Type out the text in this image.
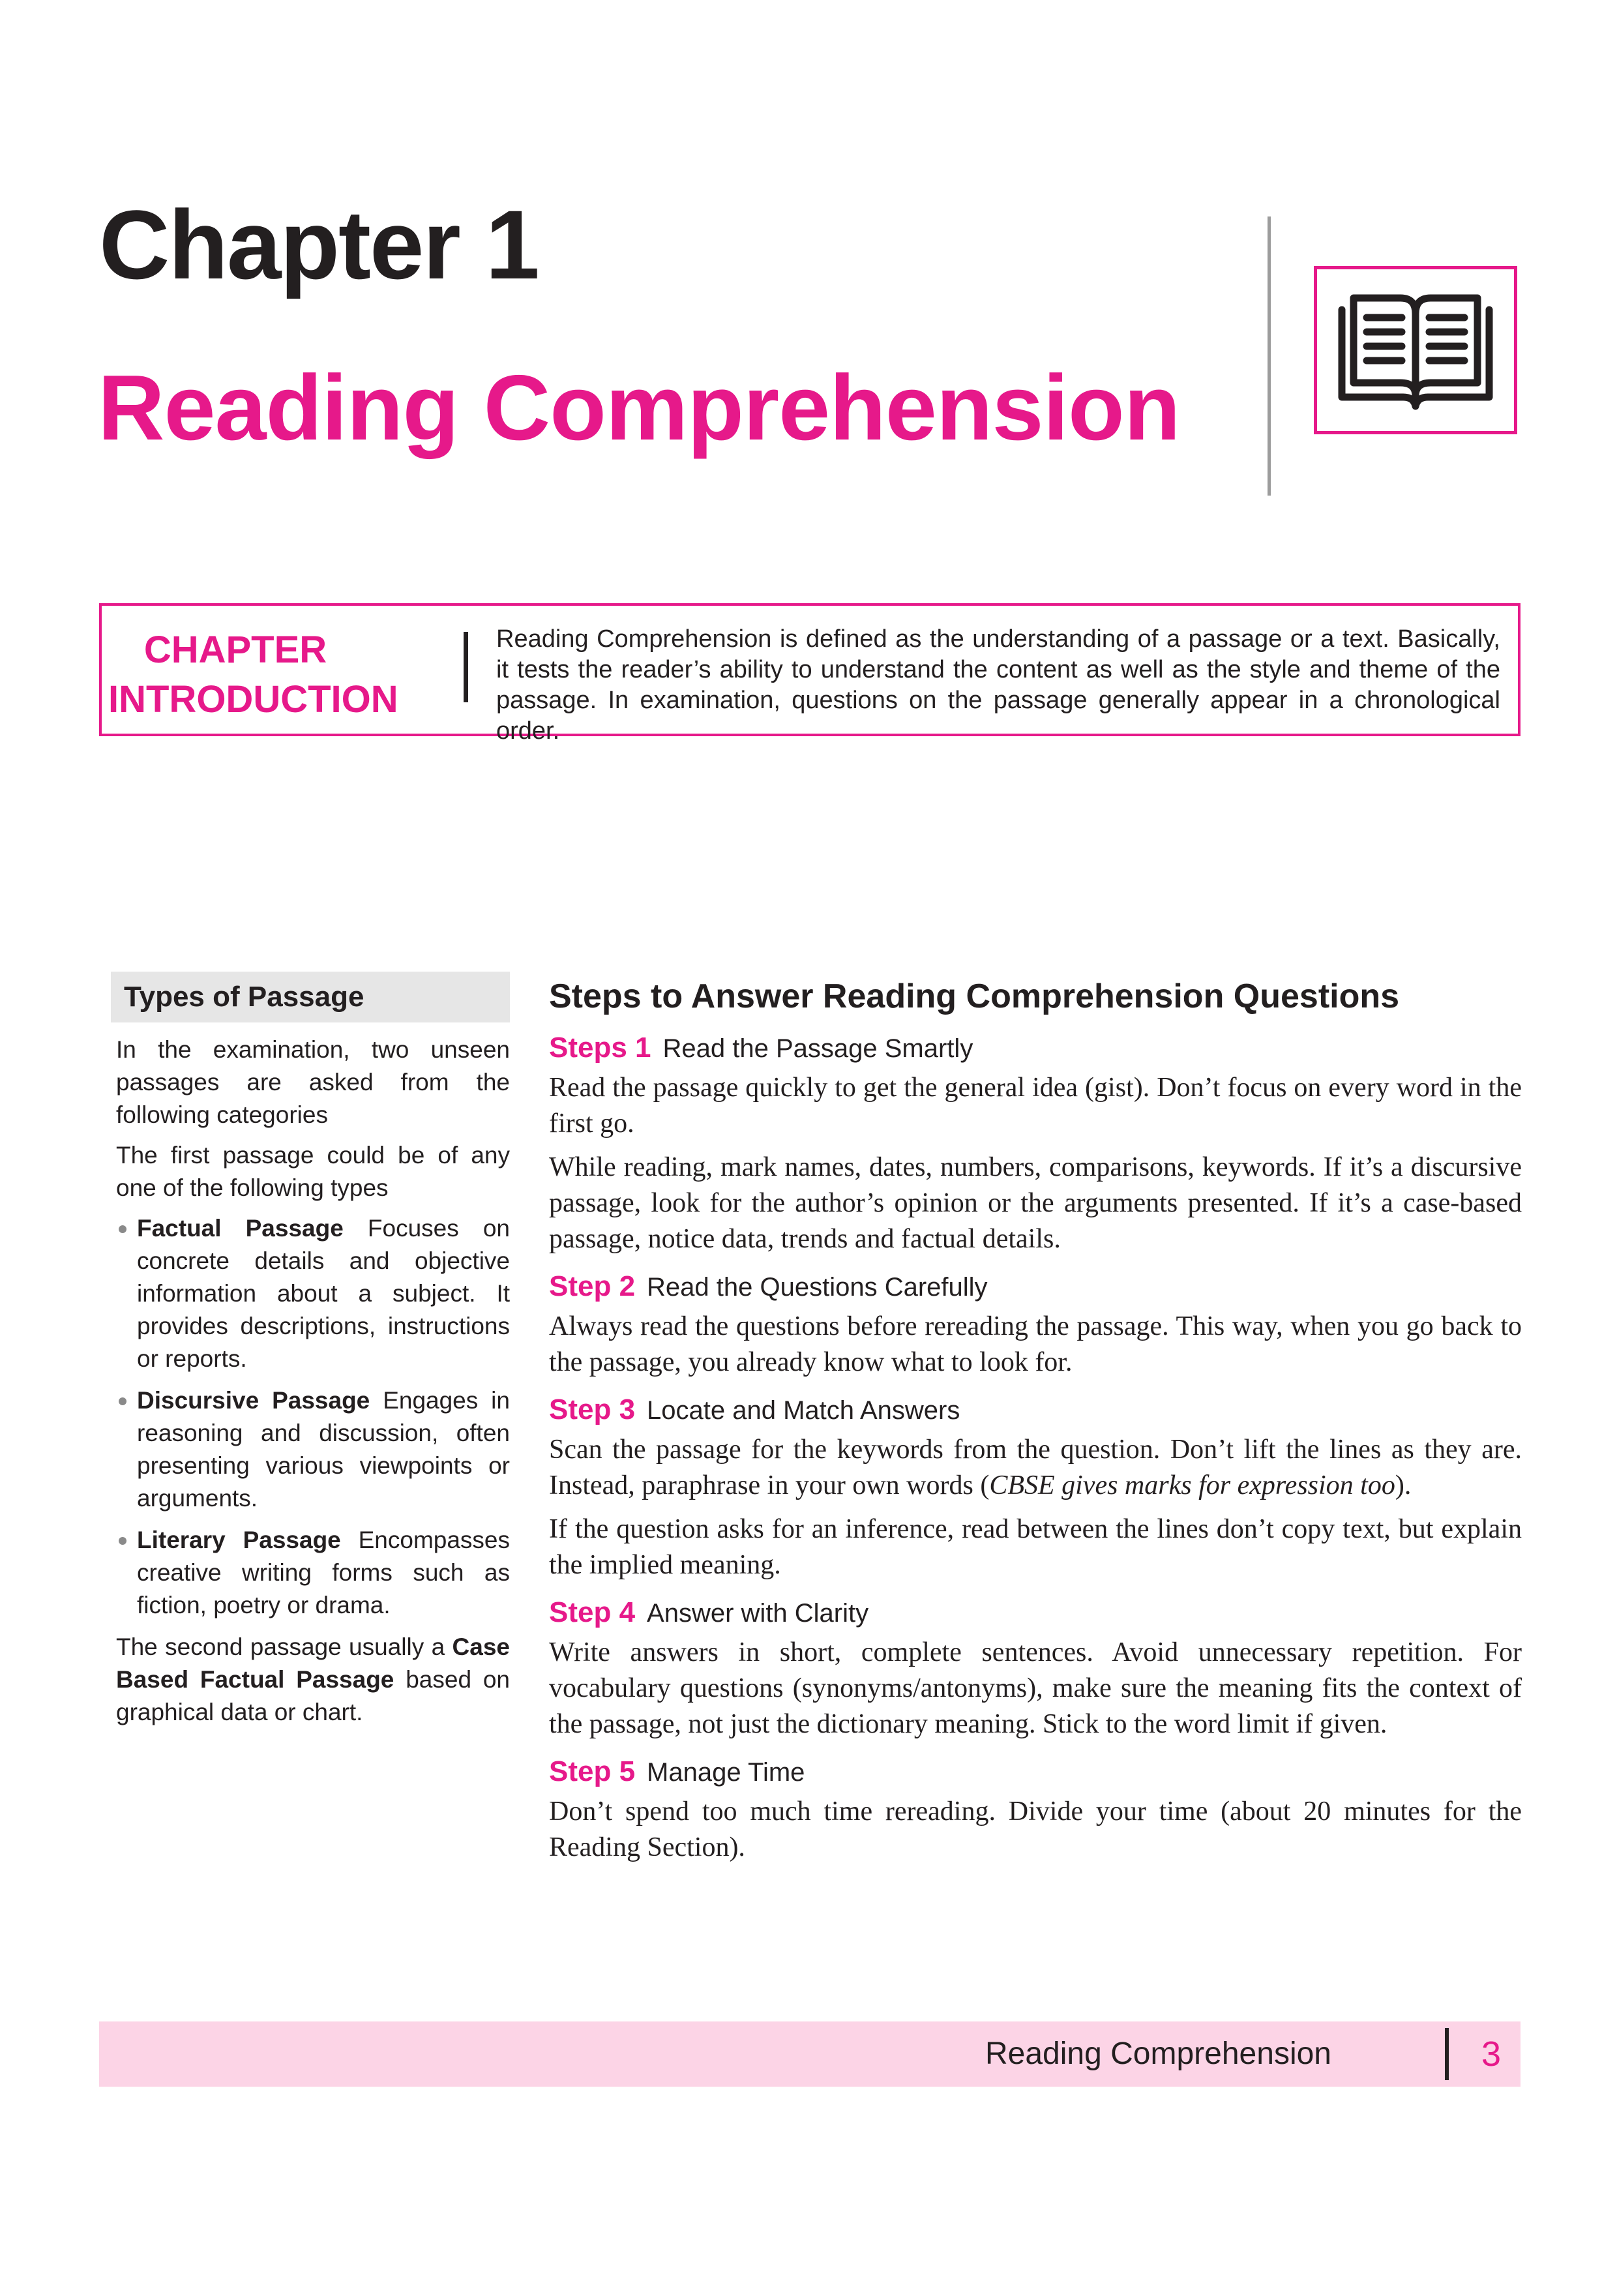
Chapter 1
Reading Comprehension
CHAPTER
INTRODUCTION
Reading Comprehension is defined as the understanding of a passage or a text. Basically, it tests the reader’s ability to understand the content as well as the style and theme of the passage. In examination, questions on the passage generally appear in a chronological order.
Types of Passage

In the examination, two unseen passages are asked from the following categories

The first passage could be of any one of the following types

Factual Passage Focuses on concrete details and objective information about a subject. It provides descriptions, instructions or reports.
Discursive Passage Engages in reasoning and discussion, often presenting various viewpoints or arguments.
Literary Passage Encompasses creative writing forms such as fiction, poetry or drama.

The second passage usually a Case Based Factual Passage based on graphical data or chart.

Steps to Answer Reading Comprehension Questions
Steps 1 Read the Passage Smartly

Read the passage quickly to get the general idea (gist). Don’t focus on every word in the first go.

While reading, mark names, dates, numbers, comparisons, keywords. If it’s a discursive passage, look for the author’s opinion or the arguments presented. If it’s a case-based passage, notice data, trends and factual details.

Step 2 Read the Questions Carefully

Always read the questions before rereading the passage. This way, when you go back to the passage, you already know what to look for.

Step 3 Locate and Match Answers

Scan the passage for the keywords from the question. Don’t lift the lines as they are. Instead, paraphrase in your own words (CBSE gives marks for expression too).

If the question asks for an inference, read between the lines don’t copy text, but explain the implied meaning.

Step 4 Answer with Clarity

Write answers in short, complete sentences. Avoid unnecessary repetition. For vocabulary questions (synonyms/antonyms), make sure the meaning fits the context of the passage, not just the dictionary meaning. Stick to the word limit if given.

Step 5 Manage Time

Don’t spend too much time rereading. Divide your time (about 20 minutes for the Reading Section).

Reading Comprehension	3
